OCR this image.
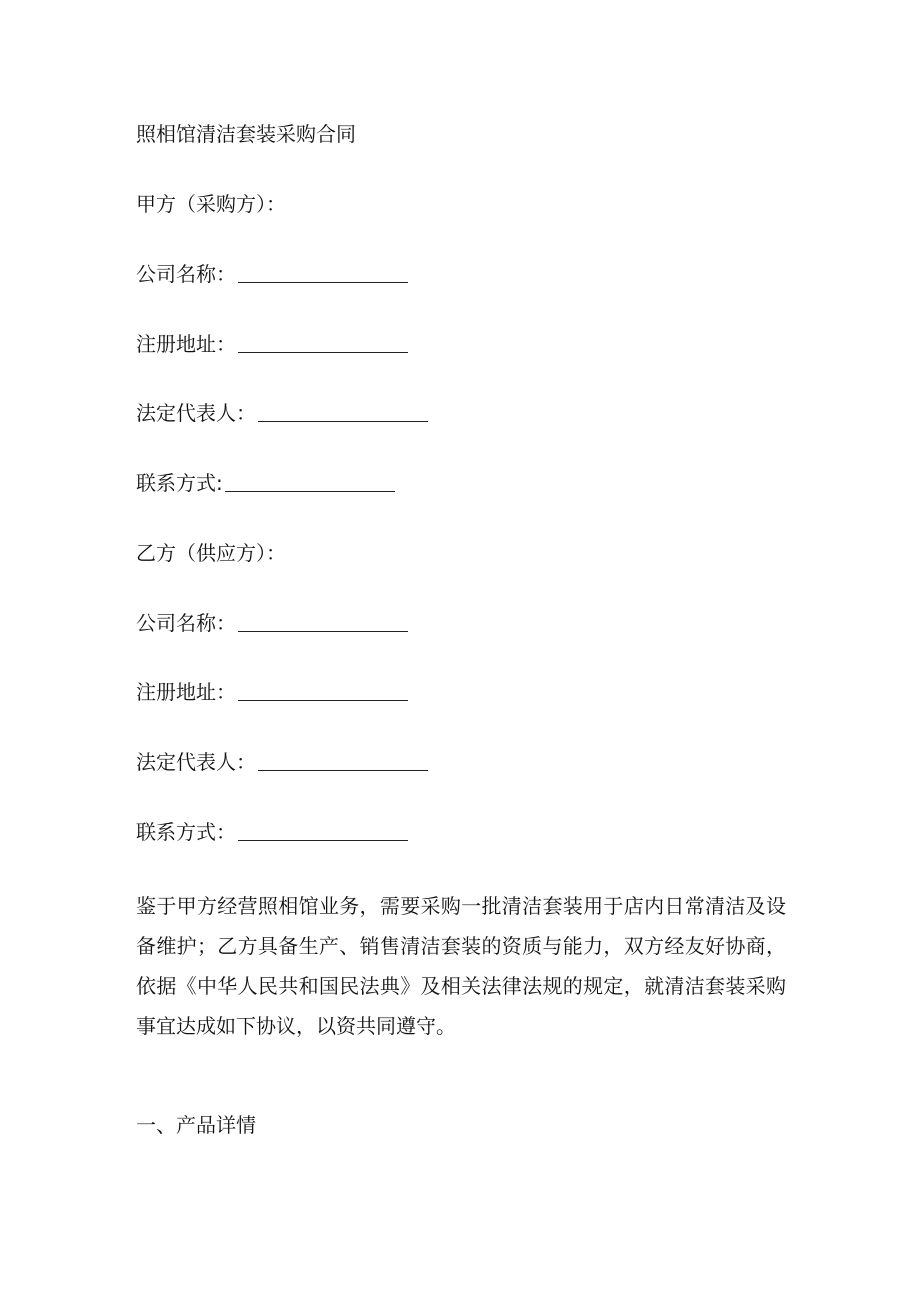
照相馆清洁套装采购合同
甲方（采购方）：
公司名称：
注册地址：
法定代表人：
联系方式:
乙方（供应方）：
公司名称：
注册地址：
法定代表人：
联系方式：
鉴于甲方经营照相馆业务，需要采购一批清洁套装用于店内日常清洁及设备维护；乙方具备生产、销售清洁套装的资质与能力，双方经友好协商，依据《中华人民共和国民法典》及相关法律法规的规定，就清洁套装采购事宜达成如下协议，以资共同遵守。
一、产品详情
